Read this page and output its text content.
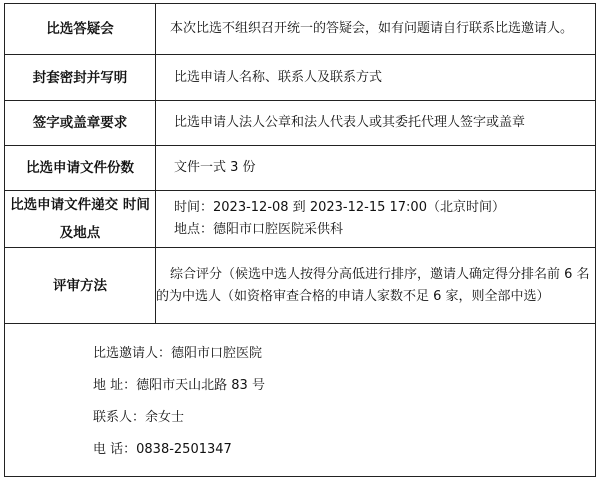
比选答疑会	本次比选不组织召开统一的答疑会，如有问题请自行联系比选邀请人。

封套密封并写明	比选申请人名称、联系人及联系方式

签字或盖章要求	比选申请人法人公章和法人代表人或其委托代理人签字或盖章

比选申请文件份数	文件一式 3 份

比选申请文件递交 时间及地点	时间：2023-12-08 到 2023-12-15 17:00（北京时间）
地点：德阳市口腔医院采供科

评审方法	综合评分（候选中选人按得分高低进行排序，邀请人确定得分排名前 6 名的为中选人（如资格审查合格的申请人家数不足 6 家，则全部中选）

比选邀请人：德阳市口腔医院
地 址：德阳市天山北路 83 号
联系人：余女士
电 话：0838-2501347	
